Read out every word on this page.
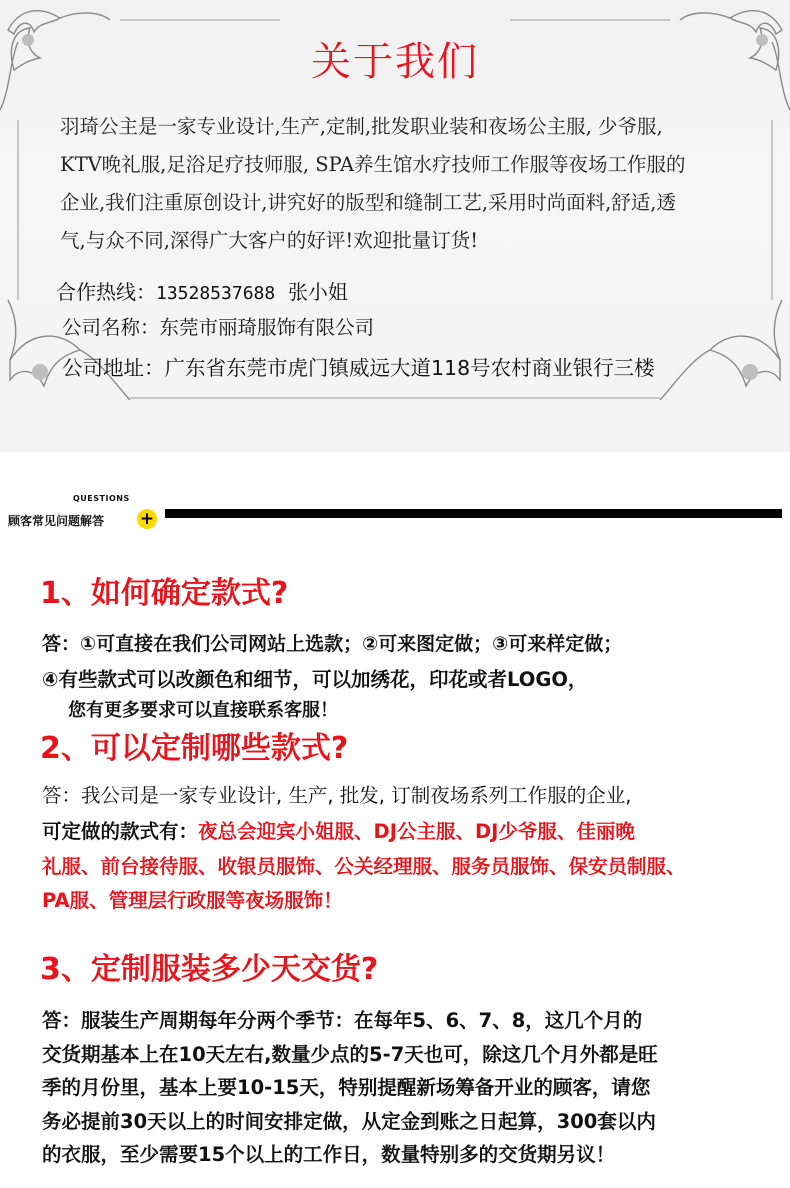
关于我们
羽琦公主是一家专业设计,生产,定制,批发职业装和夜场公主服, 少爷服,
KTV晚礼服,足浴足疗技师服, SPA养生馆水疗技师工作服等夜场工作服的
企业,我们注重原创设计,讲究好的版型和缝制工艺,采用时尚面料,舒适,透
气,与众不同,深得广大客户的好评!欢迎批量订货!
合作热线：13528537688 张小姐
公司名称：东莞市丽琦服饰有限公司
公司地址：广东省东莞市虎门镇威远大道118号农村商业银行三楼
QUESTIONS
顾客常见问题解答 +
1、如何确定款式?
答：①可直接在我们公司网站上选款；②可来图定做；③可来样定做；
④有些款式可以改颜色和细节，可以加绣花，印花或者LOGO，
您有更多要求可以直接联系客服！
2、可以定制哪些款式?
答：我公司是一家专业设计, 生产, 批发, 订制夜场系列工作服的企业,
可定做的款式有：夜总会迎宾小姐服、DJ公主服、DJ少爷服、佳丽晚
礼服、前台接待服、收银员服饰、公关经理服、服务员服饰、保安员制服、
PA服、管理层行政服等夜场服饰！
3、定制服装多少天交货?
答：服装生产周期每年分两个季节：在每年5、6、7、8，这几个月的
交货期基本上在10天左右,数量少点的5-7天也可，除这几个月外都是旺
季的月份里，基本上要10-15天，特别提醒新场筹备开业的顾客，请您
务必提前30天以上的时间安排定做，从定金到账之日起算，300套以内
的衣服，至少需要15个以上的工作日，数量特别多的交货期另议！
